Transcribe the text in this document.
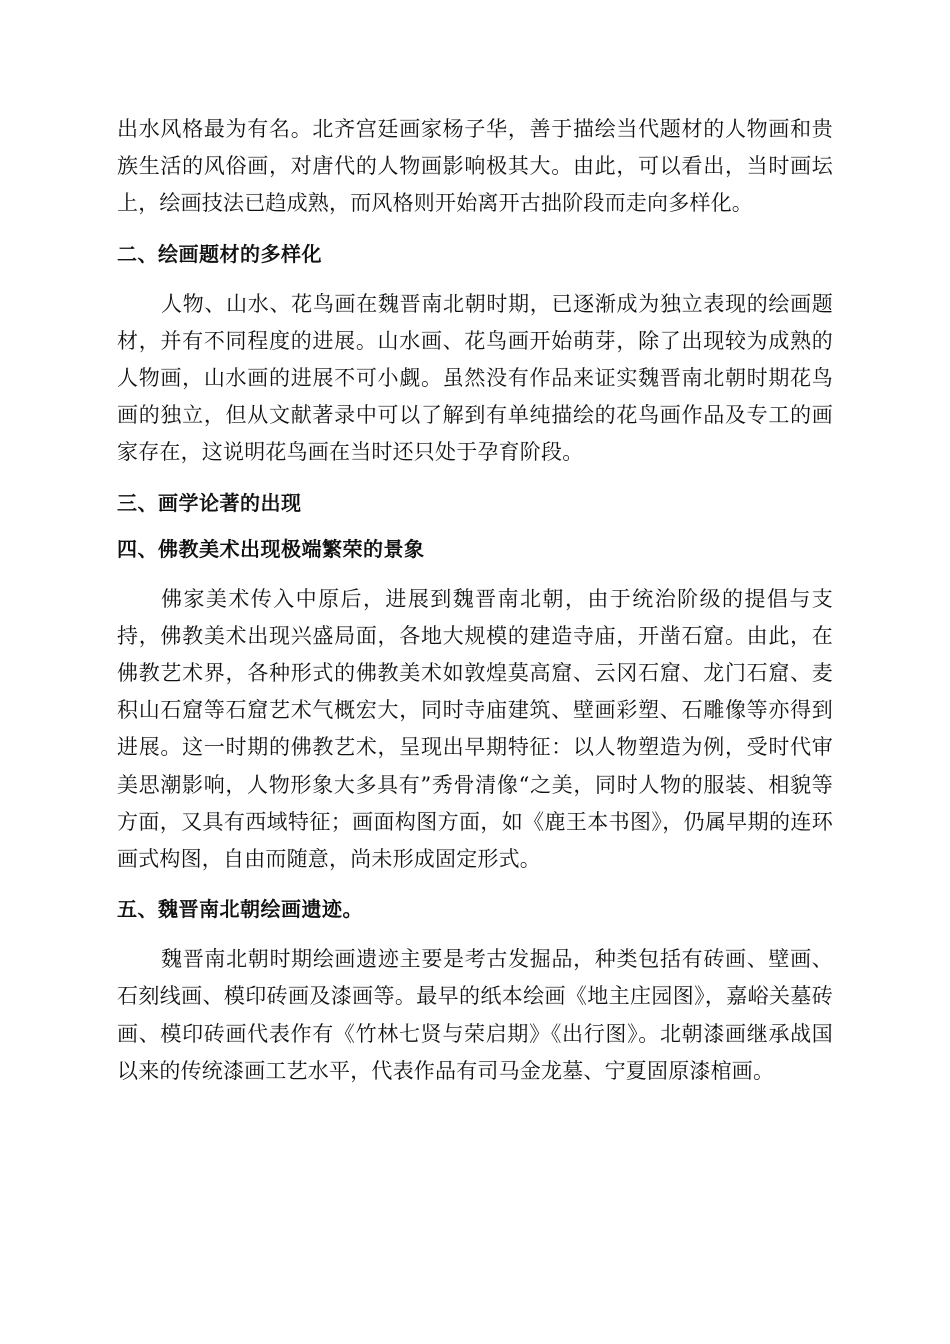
出水风格最为有名。北齐宫廷画家杨子华，善于描绘当代题材的人物画和贵族生活的风俗画，对唐代的人物画影响极其大。由此，可以看出，当时画坛上，绘画技法已趋成熟，而风格则开始离开古拙阶段而走向多样化。

二、绘画题材的多样化

人物、山水、花鸟画在魏晋南北朝时期，已逐渐成为独立表现的绘画题材，并有不同程度的进展。山水画、花鸟画开始萌芽，除了出现较为成熟的人物画，山水画的进展不可小觑。虽然没有作品来证实魏晋南北朝时期花鸟画的独立，但从文献著录中可以了解到有单纯描绘的花鸟画作品及专工的画家存在，这说明花鸟画在当时还只处于孕育阶段。

三、画学论著的出现
四、佛教美术出现极端繁荣的景象

佛家美术传入中原后，进展到魏晋南北朝，由于统治阶级的提倡与支持，佛教美术出现兴盛局面，各地大规模的建造寺庙，开凿石窟。由此，在佛教艺术界，各种形式的佛教美术如敦煌莫高窟、云冈石窟、龙门石窟、麦积山石窟等石窟艺术气概宏大，同时寺庙建筑、壁画彩塑、石雕像等亦得到进展。这一时期的佛教艺术，呈现出早期特征：以人物塑造为例，受时代审美思潮影响，人物形象大多具有”秀骨清像“之美，同时人物的服装、相貌等方面，又具有西域特征；画面构图方面，如《鹿王本书图》，仍属早期的连环画式构图，自由而随意，尚未形成固定形式。

五、魏晋南北朝绘画遗迹。

魏晋南北朝时期绘画遗迹主要是考古发掘品，种类包括有砖画、壁画、石刻线画、模印砖画及漆画等。最早的纸本绘画《地主庄园图》，嘉峪关墓砖画、模印砖画代表作有《竹林七贤与荣启期》《出行图》。北朝漆画继承战国以来的传统漆画工艺水平，代表作品有司马金龙墓、宁夏固原漆棺画。
